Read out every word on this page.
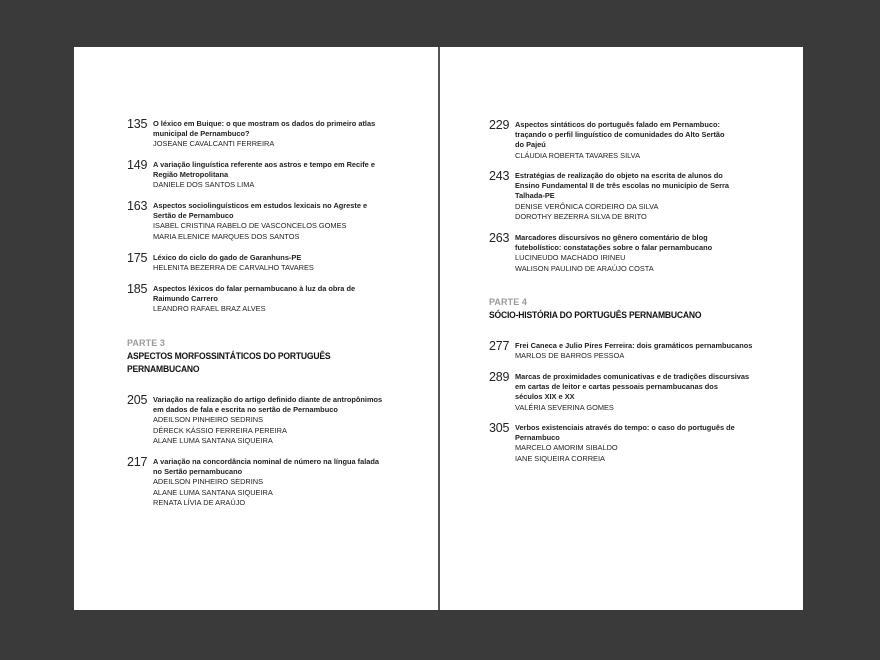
135 O léxico em Buique: o que mostram os dados do primeiro atlas
municipal de Pernambuco?
JOSEANE CAVALCANTI FERREIRA
149 A variação linguística referente aos astros e tempo em Recife e
Região Metropolitana
DANIELE DOS SANTOS LIMA
163 Aspectos sociolinguísticos em estudos lexicais no Agreste e
Sertão de Pernambuco
ISABEL CRISTINA RABELO DE VASCONCELOS GOMES
MARIA ELENICE MARQUES DOS SANTOS
175 Léxico do ciclo do gado de Garanhuns-PE
HELENITA BEZERRA DE CARVALHO TAVARES
185 Aspectos léxicos do falar pernambucano à luz da obra de
Raimundo Carrero
LEANDRO RAFAEL BRAZ ALVES
205 Variação na realização do artigo definido diante de antropônimos
em dados de fala e escrita no sertão de Pernambuco
ADEILSON PINHEIRO SEDRINS
DÉRECK KÁSSIO FERREIRA PEREIRA
ALANE LUMA SANTANA SIQUEIRA
217 A variação na concordância nominal de número na língua falada
no Sertão pernambucano
ADEILSON PINHEIRO SEDRINS
ALANE LUMA SANTANA SIQUEIRA
RENATA LÍVIA DE ARAÚJO
229 Aspectos sintáticos do português falado em Pernambuco:
traçando o perfil linguístico de comunidades do Alto Sertão
do Pajeú
CLÁUDIA ROBERTA TAVARES SILVA
243 Estratégias de realização do objeto na escrita de alunos do
Ensino Fundamental II de três escolas no município de Serra
Talhada-PE
DENISE VERÔNICA CORDEIRO DA SILVA
DOROTHY BEZERRA SILVA DE BRITO
263 Marcadores discursivos no gênero comentário de blog
futebolístico: constatações sobre o falar pernambucano
LUCINEUDO MACHADO IRINEU
WALISON PAULINO DE ARAÚJO COSTA
277 Frei Caneca e Julio Pires Ferreira: dois gramáticos pernambucanos
MARLOS DE BARROS PESSOA
289 Marcas de proximidades comunicativas e de tradições discursivas
em cartas de leitor e cartas pessoais pernambucanas dos
séculos XIX e XX
VALÉRIA SEVERINA GOMES
305 Verbos existenciais através do tempo: o caso do português de
Pernambuco
MARCELO AMORIM SIBALDO
IANE SIQUEIRA CORREIA
PARTE 3
ASPECTOS MORFOSSINTÁTICOS DO PORTUGUÊS
PERNAMBUCANO
PARTE 4
SÓCIO-HISTÓRIA DO PORTUGUÊS PERNAMBUCANO
